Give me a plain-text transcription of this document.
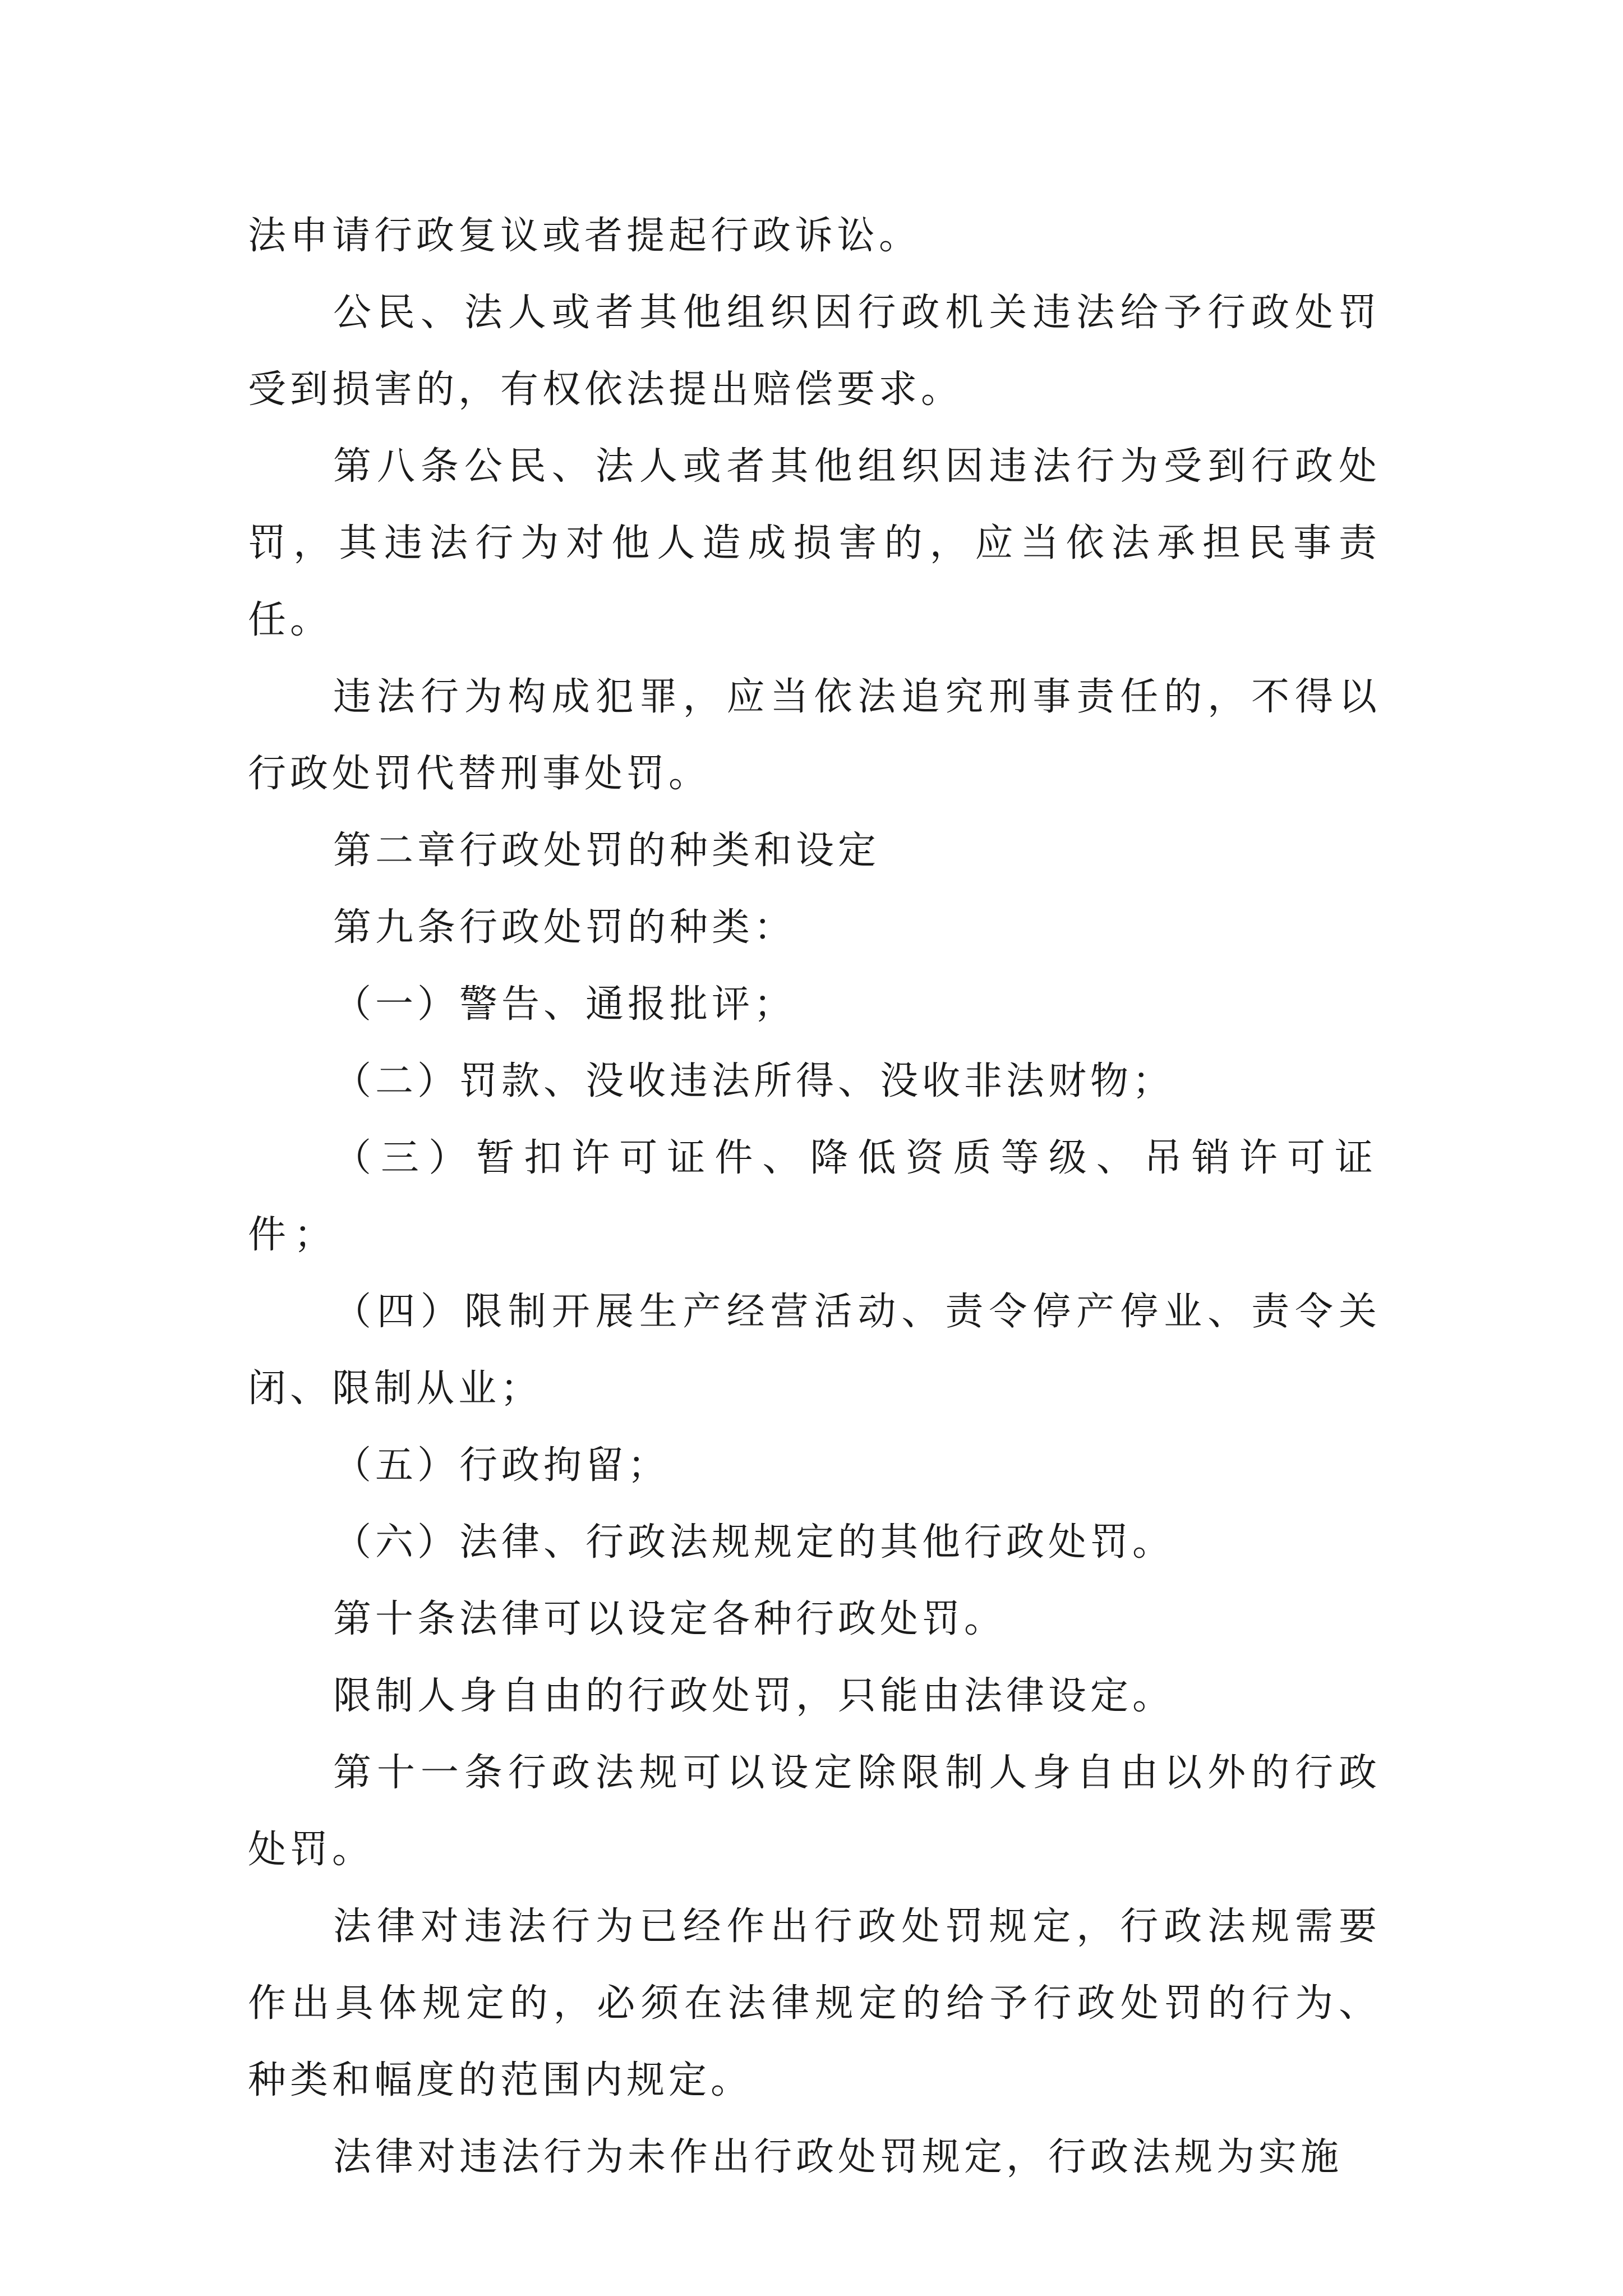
法申请行政复议或者提起行政诉讼。

公民、法人或者其他组织因行政机关违法给予行政处罚受到损害的，有权依法提出赔偿要求。

第八条公民、法人或者其他组织因违法行为受到行政处罚，其违法行为对他人造成损害的，应当依法承担民事责任。

违法行为构成犯罪，应当依法追究刑事责任的，不得以行政处罚代替刑事处罚。

第二章行政处罚的种类和设定

第九条行政处罚的种类：

（一）警告、通报批评；

（二）罚款、没收违法所得、没收非法财物；

（三）暂扣许可证件、降低资质等级、吊销许可证件；

（四）限制开展生产经营活动、责令停产停业、责令关闭、限制从业；

（五）行政拘留；

（六）法律、行政法规规定的其他行政处罚。

第十条法律可以设定各种行政处罚。

限制人身自由的行政处罚，只能由法律设定。

第十一条行政法规可以设定除限制人身自由以外的行政处罚。

法律对违法行为已经作出行政处罚规定，行政法规需要作出具体规定的，必须在法律规定的给予行政处罚的行为、种类和幅度的范围内规定。

法律对违法行为未作出行政处罚规定，行政法规为实施
